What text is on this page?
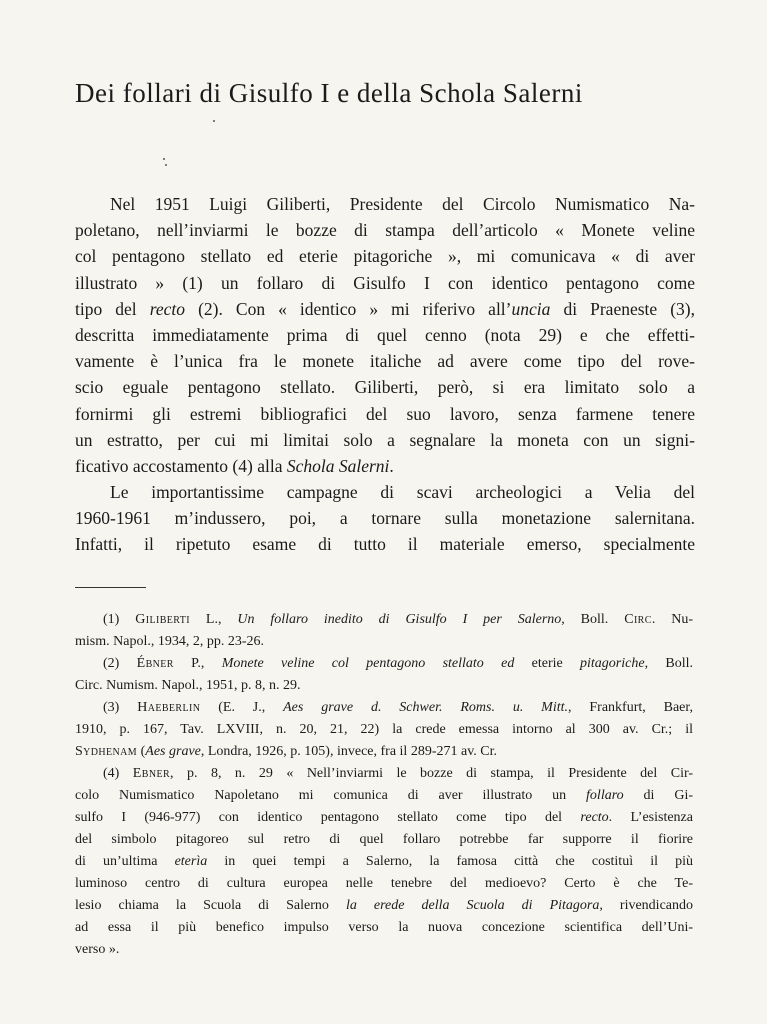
Dei follari di Gisulfo I e della Schola Salerni
Nel 1951 Luigi Giliberti, Presidente del Circolo Numismatico Na-
poletano, nell’inviarmi le bozze di stampa dell’articolo « Monete veline
col pentagono stellato ed eterie pitagoriche », mi comunicava « di aver
illustrato » (1) un follaro di Gisulfo I con identico pentagono come
tipo del recto (2). Con « identico » mi riferivo all’uncia di Praeneste (3),
descritta immediatamente prima di quel cenno (nota 29) e che effetti-
vamente è l’unica fra le monete italiche ad avere come tipo del rove-
scio eguale pentagono stellato. Giliberti, però, si era limitato solo a
fornirmi gli estremi bibliografici del suo lavoro, senza farmene tenere
un estratto, per cui mi limitai solo a segnalare la moneta con un signi-
ficativo accostamento (4) alla Schola Salerni.
Le importantissime campagne di scavi archeologici a Velia del
1960-1961 m’indussero, poi, a tornare sulla monetazione salernitana.
Infatti, il ripetuto esame di tutto il materiale emerso, specialmente
(1) Giliberti L., Un follaro inedito di Gisulfo I per Salerno, Boll. Circ. Nu-
mism. Napol., 1934, 2, pp. 23-26.
(2) Ébner P., Monete veline col pentagono stellato ed eterie pitagoriche, Boll.
Circ. Numism. Napol., 1951, p. 8, n. 29.
(3) Haeberlin (E. J., Aes grave d. Schwer. Roms. u. Mitt., Frankfurt, Baer,
1910, p. 167, Tav. LXVIII, n. 20, 21, 22) la crede emessa intorno al 300 av. Cr.; il
Sydhenam (Aes grave, Londra, 1926, p. 105), invece, fra il 289-271 av. Cr.
(4) Ebner, p. 8, n. 29 « Nell’inviarmi le bozze di stampa, il Presidente del Cir-
colo Numismatico Napoletano mi comunica di aver illustrato un follaro di Gi-
sulfo I (946-977) con identico pentagono stellato come tipo del recto. L’esistenza
del simbolo pitagoreo sul retro di quel follaro potrebbe far supporre il fiorire
di un’ultima eterìa in quei tempi a Salerno, la famosa città che costituì il più
luminoso centro di cultura europea nelle tenebre del medioevo? Certo è che Te-
lesio chiama la Scuola di Salerno la erede della Scuola di Pitagora, rivendicando
ad essa il più benefico impulso verso la nuova concezione scientifica dell’Uni-
verso ».
